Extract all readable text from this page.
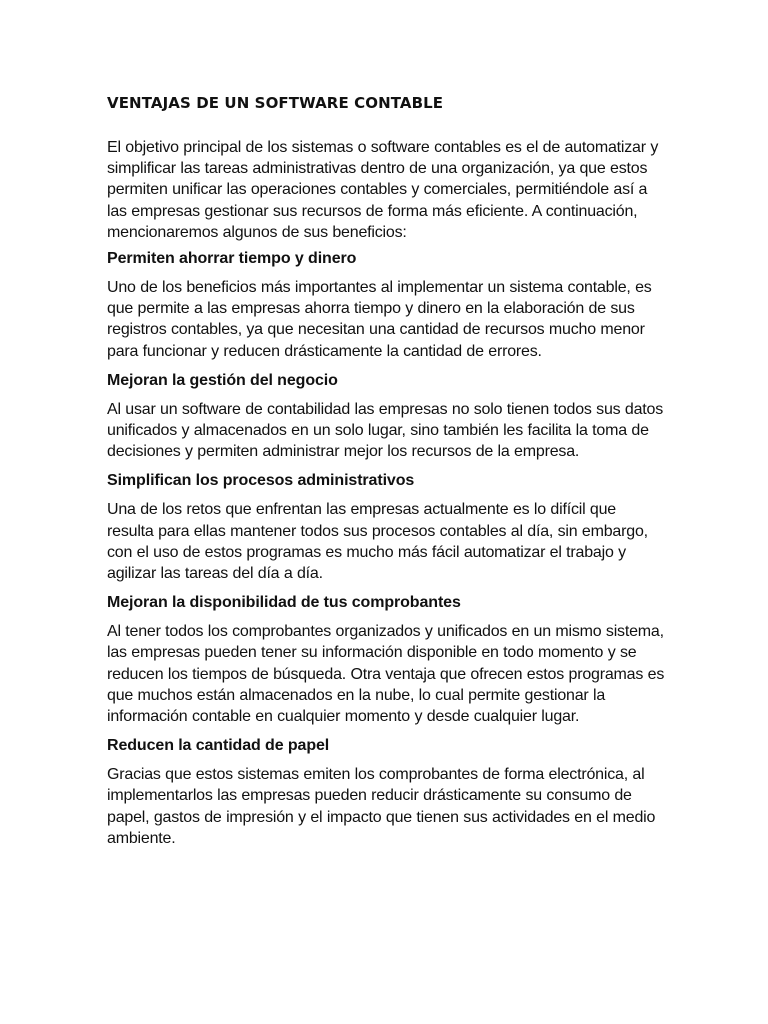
VENTAJAS DE UN SOFTWARE CONTABLE

El objetivo principal de los sistemas o software contables es el de automatizar y simplificar las tareas administrativas dentro de una organización, ya que estos permiten unificar las operaciones contables y comerciales, permitiéndole así a las empresas gestionar sus recursos de forma más eficiente. A continuación, mencionaremos algunos de sus beneficios:

Permiten ahorrar tiempo y dinero

Uno de los beneficios más importantes al implementar un sistema contable, es que permite a las empresas ahorra tiempo y dinero en la elaboración de sus registros contables, ya que necesitan una cantidad de recursos mucho menor para funcionar y reducen drásticamente la cantidad de errores.

Mejoran la gestión del negocio

Al usar un software de contabilidad las empresas no solo tienen todos sus datos unificados y almacenados en un solo lugar, sino también les facilita la toma de decisiones y permiten administrar mejor los recursos de la empresa.

Simplifican los procesos administrativos

Una de los retos que enfrentan las empresas actualmente es lo difícil que resulta para ellas mantener todos sus procesos contables al día, sin embargo, con el uso de estos programas es mucho más fácil automatizar el trabajo y agilizar las tareas del día a día.

Mejoran la disponibilidad de tus comprobantes

Al tener todos los comprobantes organizados y unificados en un mismo sistema, las empresas pueden tener su información disponible en todo momento y se reducen los tiempos de búsqueda. Otra ventaja que ofrecen estos programas es que muchos están almacenados en la nube, lo cual permite gestionar la información contable en cualquier momento y desde cualquier lugar.

Reducen la cantidad de papel

Gracias que estos sistemas emiten los comprobantes de forma electrónica, al implementarlos las empresas pueden reducir drásticamente su consumo de papel, gastos de impresión y el impacto que tienen sus actividades en el medio ambiente.
